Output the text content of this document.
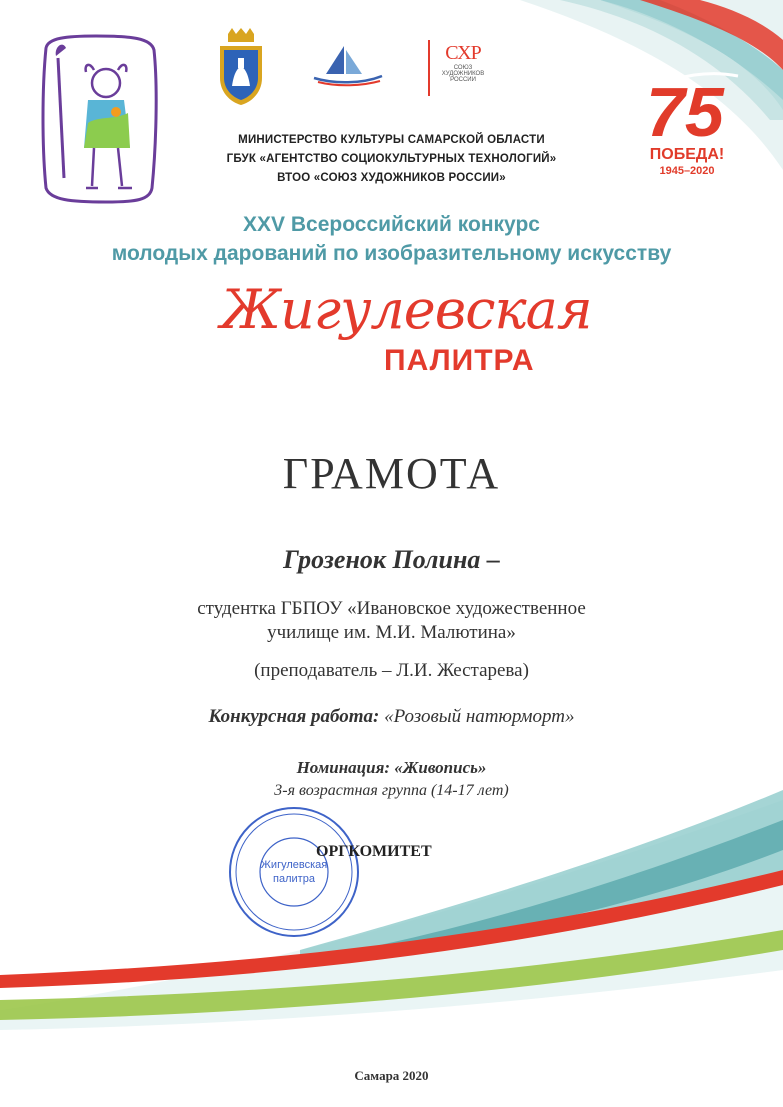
СХР
СОЮЗ ХУДОЖНИКОВ РОССИИ 75
ПОБЕДА!
1945–2020
МИНИСТЕРСТВО КУЛЬТУРЫ САМАРСКОЙ ОБЛАСТИ
ГБУК «АГЕНТСТВО СОЦИОКУЛЬТУРНЫХ ТЕХНОЛОГИЙ»
ВТОО «СОЮЗ ХУДОЖНИКОВ РОССИИ»
XXV Всероссийский конкурс
молодых дарований по изобразительному искусству
Жигулевская
ПАЛИТРА
ГРАМОТА
Грозенок Полина –
студентка ГБПОУ «Ивановское художественное
училище им. М.И. Малютина»
(преподаватель – Л.И. Жестарева)
Конкурсная работа: «Розовый натюрморт»
Номинация: «Живопись»
3-я возрастная группа (14-17 лет)
Жигулевская
палитра
ОРГКОМИТЕТ
Самара 2020
